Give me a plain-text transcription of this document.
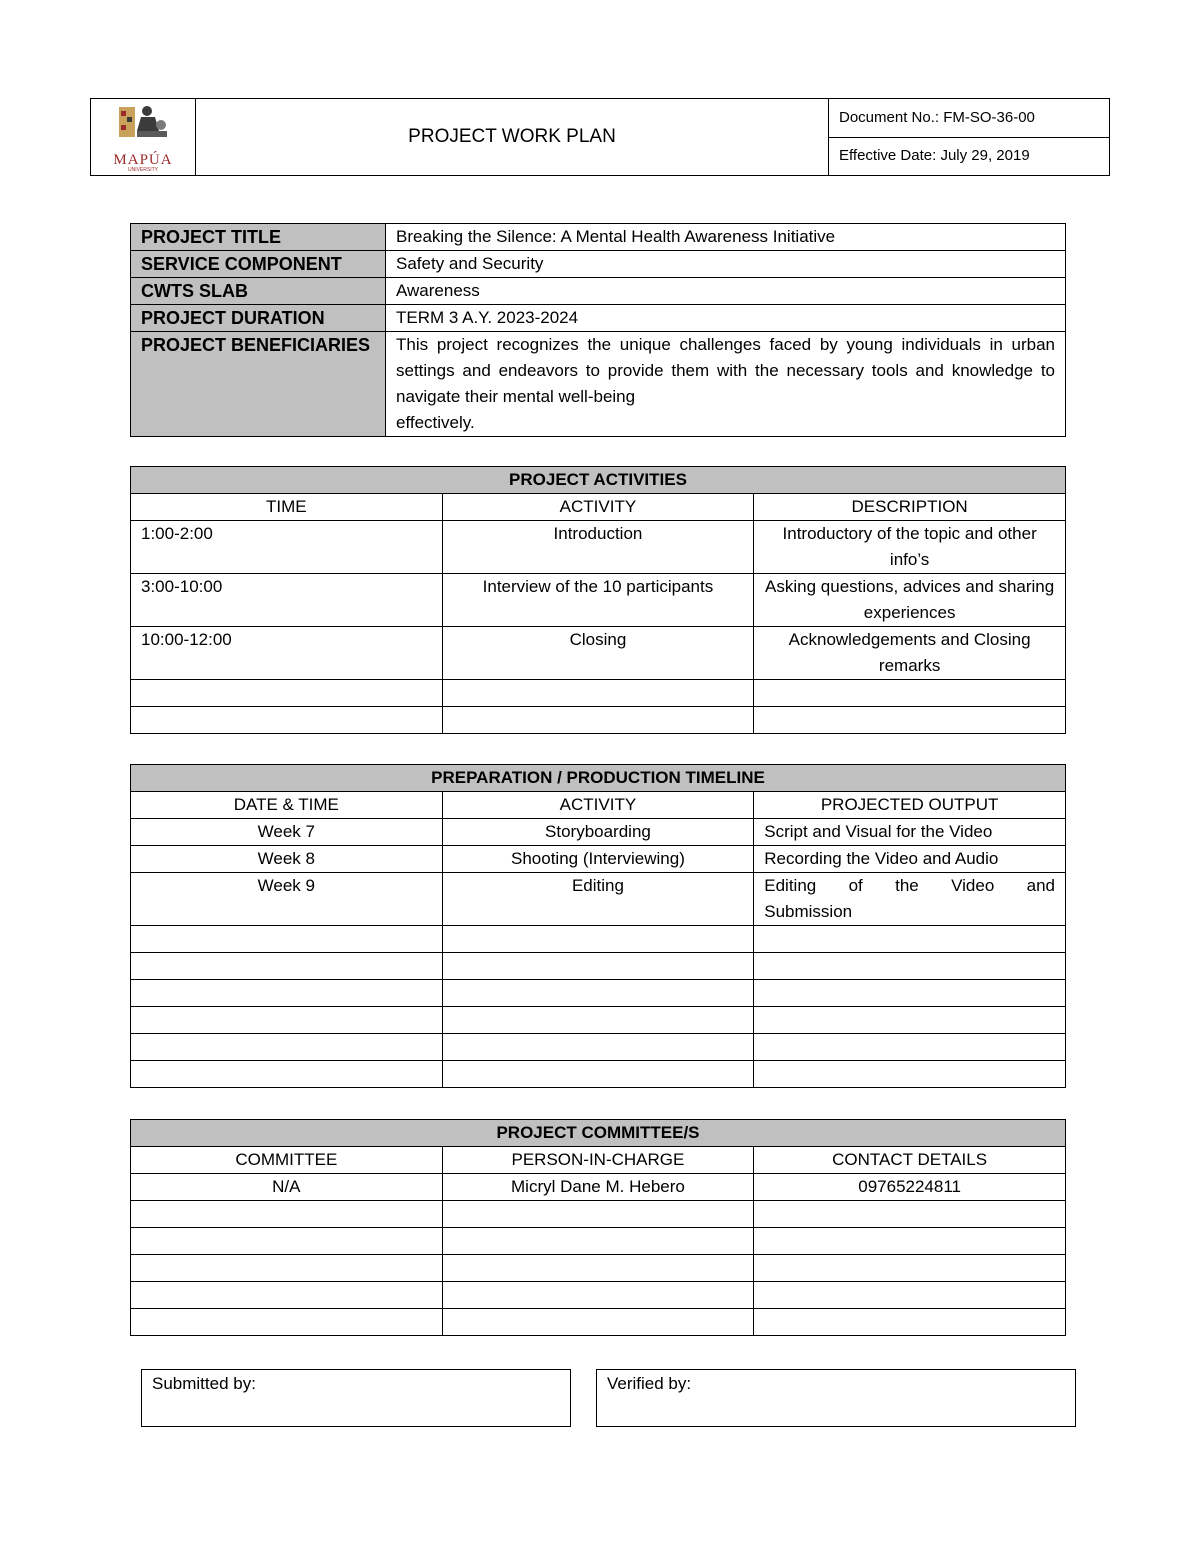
MAPÚA
UNIVERSITY
	PROJECT WORK PLAN	Document No.: FM-SO-36-00
Effective Date: July 29, 2019
PROJECT TITLE	Breaking the Silence: A Mental Health Awareness Initiative
SERVICE COMPONENT	Safety and Security
CWTS SLAB	Awareness
PROJECT DURATION	TERM 3 A.Y. 2023-2024
PROJECT BENEFICIARIES	This project recognizes the unique challenges faced by young individuals in urban settings and endeavors to provide them with the necessary tools and knowledge to navigate their mental well-being
effectively.
PROJECT ACTIVITIES		
TIME	ACTIVITY	DESCRIPTION
1:00-2:00	Introduction	Introductory of the topic and other info’s
3:00-10:00	Interview of the 10 participants	Asking questions, advices and sharing experiences
10:00-12:00	Closing	Acknowledgements and Closing remarks

PREPARATION / PRODUCTION TIMELINE		
DATE & TIME	ACTIVITY	PROJECTED OUTPUT
Week 7	Storyboarding	Script and Visual for the Video
Week 8	Shooting (Interviewing)	Recording the Video and Audio
Week 9	Editing	Editing of the Video and
Submission

PROJECT COMMITTEE/S		
COMMITTEE	PERSON-IN-CHARGE	CONTACT DETAILS
N/A	Micryl Dane M. Hebero	09765224811

Submitted by:	Verified by:
